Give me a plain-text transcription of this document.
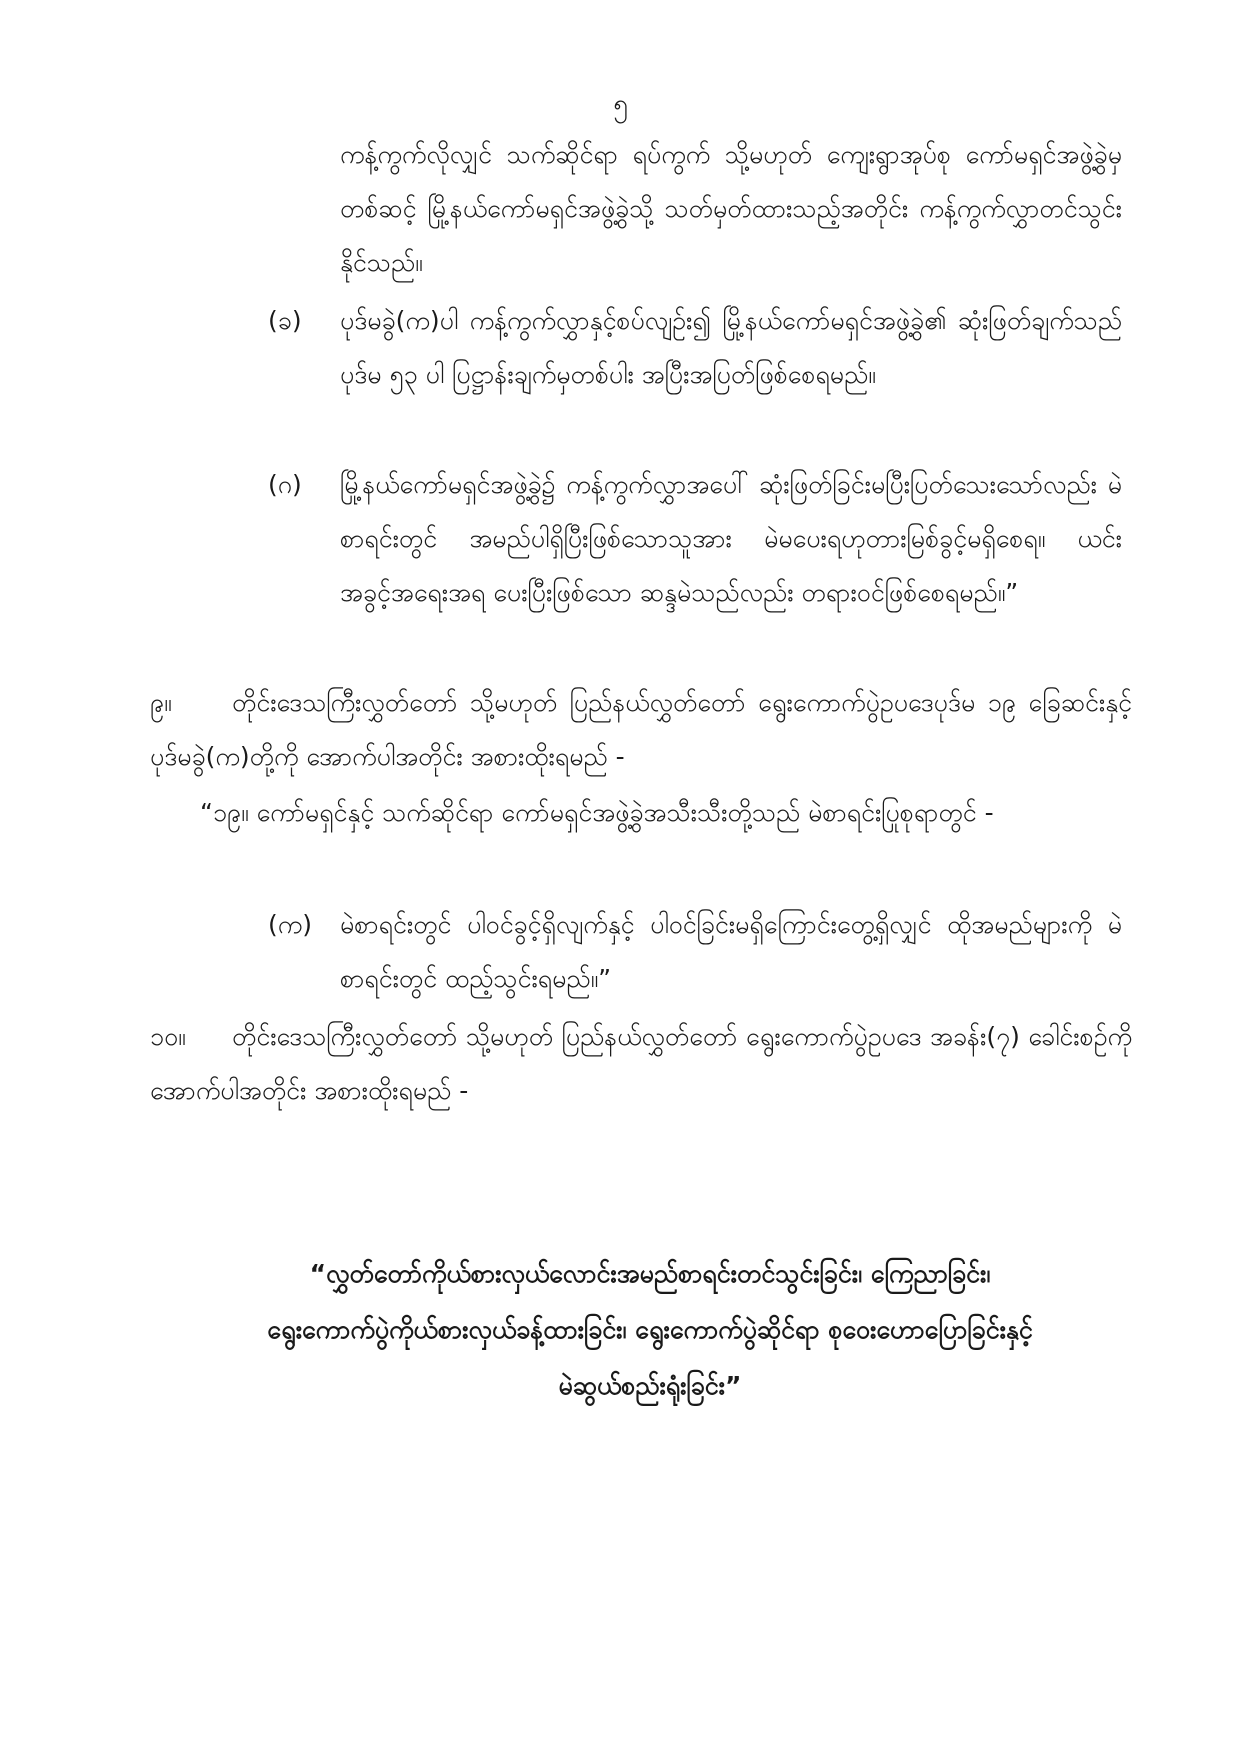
၅

ကန့်ကွက်လိုလျှင် သက်ဆိုင်ရာ ရပ်ကွက် သို့မဟုတ် ကျေးရွာအုပ်စု ကော်မရှင်အဖွဲ့ခွဲမှတစ်ဆင့် မြို့နယ်ကော်မရှင်အဖွဲ့ခွဲသို့ သတ်မှတ်ထားသည့်အတိုင်း ကန့်ကွက်လွှာတင်သွင်းနိုင်သည်။

(ခ) ပုဒ်မခွဲ(က)ပါ ကန့်ကွက်လွှာနှင့်စပ်လျဉ်း၍ မြို့နယ်ကော်မရှင်အဖွဲ့ခွဲ၏ ဆုံးဖြတ်ချက်သည် ပုဒ်မ ၅၃ ပါ ပြဋ္ဌာန်းချက်မှတစ်ပါး အပြီးအပြတ်ဖြစ်စေရမည်။
(ဂ) မြို့နယ်ကော်မရှင်အဖွဲ့ခွဲ၌ ကန့်ကွက်လွှာအပေါ် ဆုံးဖြတ်ခြင်းမပြီးပြတ်သေးသော်လည်း မဲစာရင်းတွင် အမည်ပါရှိပြီးဖြစ်သောသူအား မဲမပေးရဟုတားမြစ်ခွင့်မရှိစေရ။ ယင်းအခွင့်အရေးအရ ပေးပြီးဖြစ်သော ဆန္ဒမဲသည်လည်း တရားဝင်ဖြစ်စေရမည်။”
၉။ တိုင်းဒေသကြီးလွှတ်တော် သို့မဟုတ် ပြည်နယ်လွှတ်တော် ရွေးကောက်ပွဲဥပဒေပုဒ်မ ၁၉ ခြေဆင်းနှင့် ပုဒ်မခွဲ(က)တို့ကို အောက်ပါအတိုင်း အစားထိုးရမည် -

“၁၉။ ကော်မရှင်နှင့် သက်ဆိုင်ရာ ကော်မရှင်အဖွဲ့ခွဲအသီးသီးတို့သည် မဲစာရင်းပြုစုရာတွင် -

(က) မဲစာရင်းတွင် ပါဝင်ခွင့်ရှိလျက်နှင့် ပါဝင်ခြင်းမရှိကြောင်းတွေ့ရှိလျှင် ထိုအမည်များကို မဲစာရင်းတွင် ထည့်သွင်းရမည်။”
၁၀။ တိုင်းဒေသကြီးလွှတ်တော် သို့မဟုတ် ပြည်နယ်လွှတ်တော် ရွေးကောက်ပွဲဥပဒေ အခန်း(၇) ခေါင်းစဉ်ကို အောက်ပါအတိုင်း အစားထိုးရမည် -
“လွှတ်တော်ကိုယ်စားလှယ်လောင်းအမည်စာရင်းတင်သွင်းခြင်း၊ ကြေညာခြင်း၊
ရွေးကောက်ပွဲကိုယ်စားလှယ်ခန့်ထားခြင်း၊ ရွေးကောက်ပွဲဆိုင်ရာ စုဝေးဟောပြောခြင်းနှင့်
မဲဆွယ်စည်းရုံးခြင်း”
